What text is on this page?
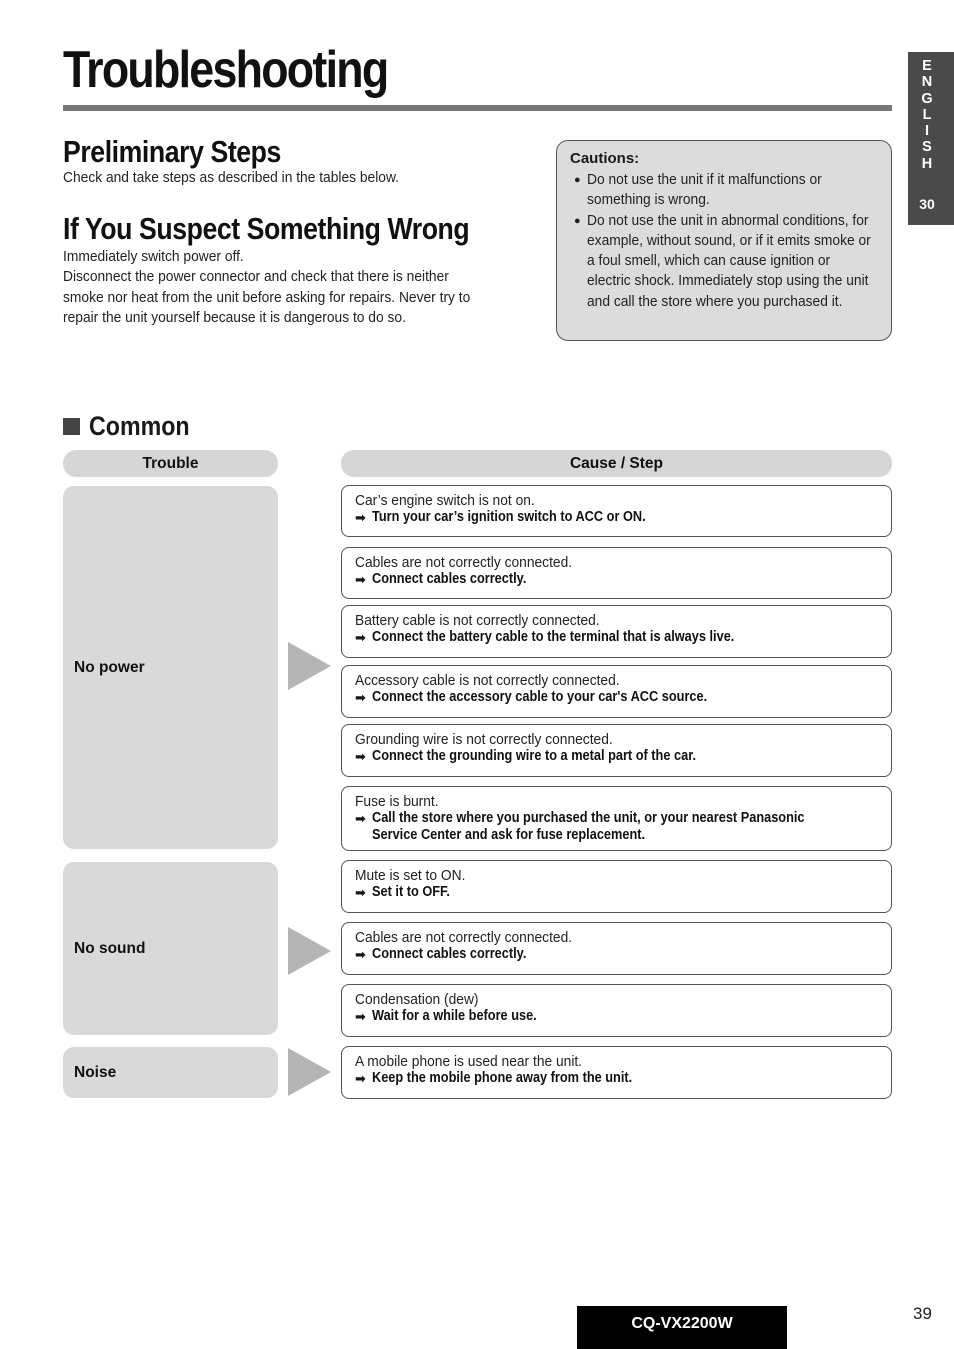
Troubleshooting	E
N
G
L
I
S
H
30
Preliminary Steps
Check and take steps as described in the tables below.
If You Suspect Something Wrong
Immediately switch power off.
Disconnect the power connector and check that there is neither
smoke nor heat from the unit before asking for repairs. Never try to
repair the unit yourself because it is dangerous to do so.
Cautions:
● Do not use the unit if it malfunctions or something is wrong.
● Do not use the unit in abnormal conditions, for example, without sound, or if it emits smoke or a foul smell, which can cause ignition or electric shock. Immediately stop using the unit and call the store where you purchased it.
Common
Trouble	Cause / Step
No power
No sound
Noise
Car’s engine switch is not on.
➡ Turn your car’s ignition switch to ACC or ON.
Cables are not correctly connected.
➡ Connect cables correctly.
Battery cable is not correctly connected.
➡ Connect the battery cable to the terminal that is always live.
Accessory cable is not correctly connected.
➡ Connect the accessory cable to your car's ACC source.
Grounding wire is not correctly connected.
➡ Connect the grounding wire to a metal part of the car.
Fuse is burnt.
➡ Call the store where you purchased the unit, or your nearest Panasonic
Service Center and ask for fuse replacement.
Mute is set to ON.
➡ Set it to OFF.
Cables are not correctly connected.
➡ Connect cables correctly.
Condensation (dew)
➡ Wait for a while before use.
A mobile phone is used near the unit.
➡ Keep the mobile phone away from the unit.
CQ-VX2200W
39
